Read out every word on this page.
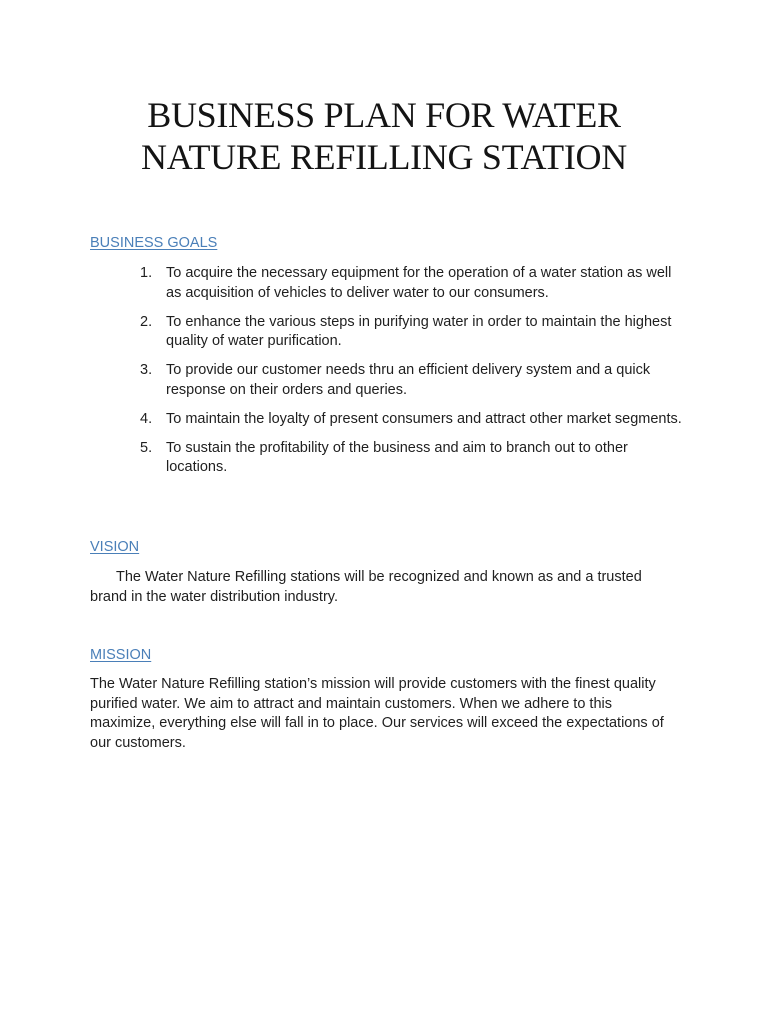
BUSINESS PLAN FOR WATER
NATURE REFILLING STATION
BUSINESS GOALS
1. To acquire the necessary equipment for the operation of a water station as well as acquisition of vehicles to deliver water to our consumers.
2. To enhance the various steps in purifying water in order to maintain the highest quality of water purification.
3. To provide our customer needs thru an efficient delivery system and a quick response on their orders and queries.
4. To maintain the loyalty of present consumers and attract other market segments.
5. To sustain the profitability of the business and aim to branch out to other locations.
VISION

The Water Nature Refilling stations will be recognized and known as and a trusted brand in the water distribution industry.

MISSION

The Water Nature Refilling station’s mission will provide customers with the finest quality purified water. We aim to attract and maintain customers. When we adhere to this maximize, everything else will fall in to place. Our services will exceed the expectations of our customers.
